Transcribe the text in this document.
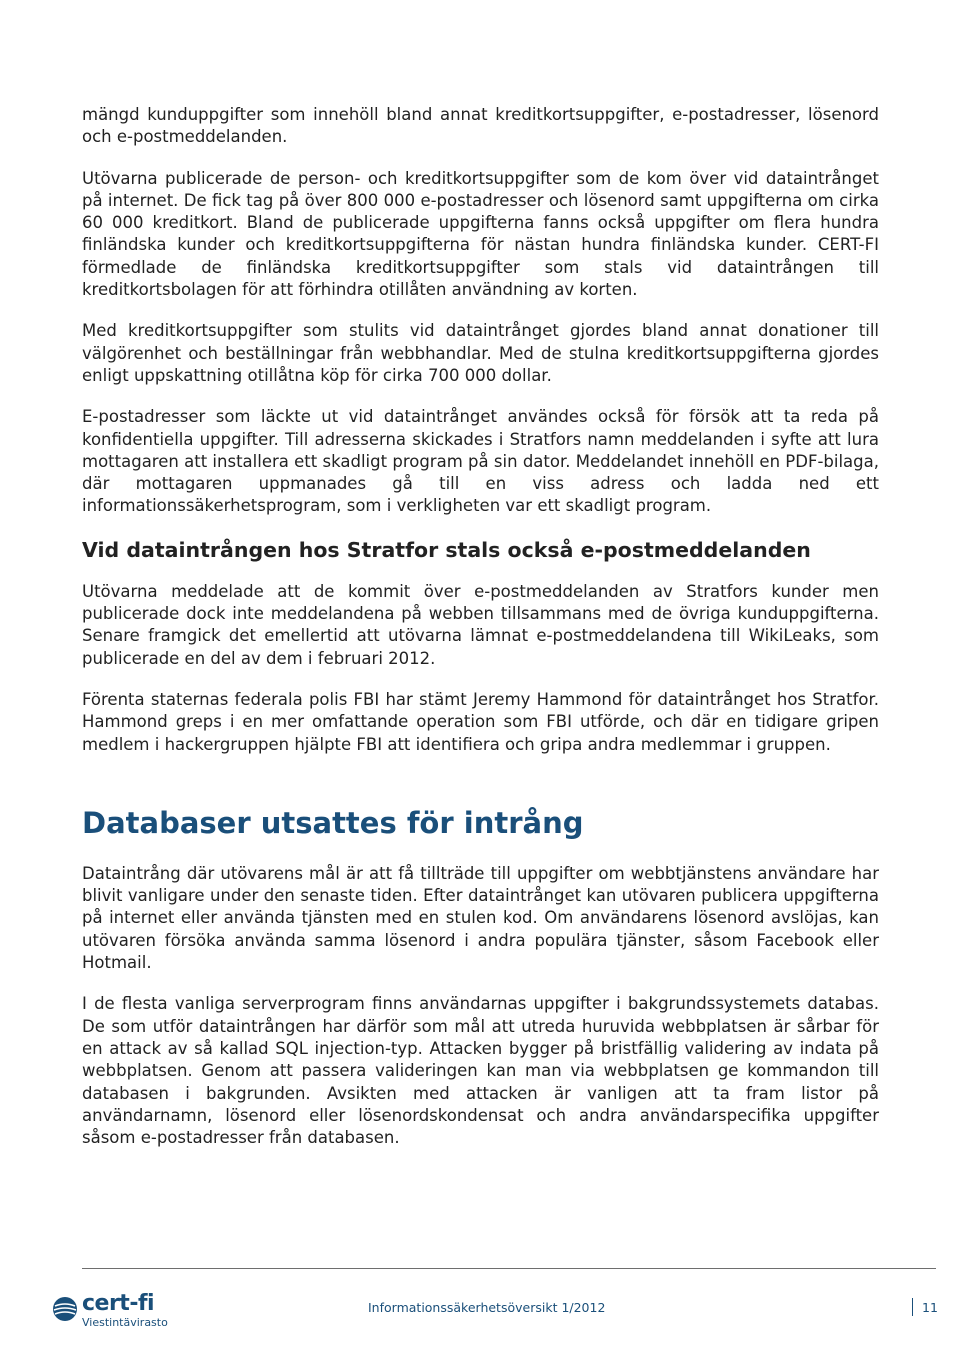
mängd kunduppgifter som innehöll bland annat kreditkortsuppgifter, e-postadresser, lösenord och e-postmeddelanden.

Utövarna publicerade de person- och kreditkortsuppgifter som de kom över vid dataintrånget på internet. De fick tag på över 800 000 e-postadresser och lösenord samt uppgifterna om cirka 60 000 kreditkort. Bland de publicerade uppgifterna fanns också uppgifter om flera hundra finländska kunder och kreditkortsuppgifterna för nästan hundra finländska kunder. CERT-FI förmedlade de finländska kreditkortsuppgifter som stals vid dataintrången till kreditkortsbolagen för att förhindra otillåten användning av korten.

Med kreditkortsuppgifter som stulits vid dataintrånget gjordes bland annat donationer till välgörenhet och beställningar från webbhandlar. Med de stulna kreditkortsuppgifterna gjordes enligt uppskattning otillåtna köp för cirka 700 000 dollar.

E-postadresser som läckte ut vid dataintrånget användes också för försök att ta reda på konfidentiella uppgifter. Till adresserna skickades i Stratfors namn meddelanden i syfte att lura mottagaren att installera ett skadligt program på sin dator. Meddelandet innehöll en PDF-bilaga, där mottagaren uppmanades gå till en viss adress och ladda ned ett informationssäkerhetsprogram, som i verkligheten var ett skadligt program.

Vid dataintrången hos Stratfor stals också e-postmeddelanden

Utövarna meddelade att de kommit över e-postmeddelanden av Stratfors kunder men publicerade dock inte meddelandena på webben tillsammans med de övriga kunduppgifterna. Senare framgick det emellertid att utövarna lämnat e-postmeddelandena till WikiLeaks, som publicerade en del av dem i februari 2012.

Förenta staternas federala polis FBI har stämt Jeremy Hammond för dataintrånget hos Stratfor. Hammond greps i en mer omfattande operation som FBI utförde, och där en tidigare gripen medlem i hackergruppen hjälpte FBI att identifiera och gripa andra medlemmar i gruppen.

Databaser utsattes för intrång

Dataintrång där utövarens mål är att få tillträde till uppgifter om webbtjänstens användare har blivit vanligare under den senaste tiden. Efter dataintrånget kan utövaren publicera uppgifterna på internet eller använda tjänsten med en stulen kod. Om användarens lösenord avslöjas, kan utövaren försöka använda samma lösenord i andra populära tjänster, såsom Facebook eller Hotmail.

I de flesta vanliga serverprogram finns användarnas uppgifter i bakgrundssystemets databas. De som utför dataintrången har därför som mål att utreda huruvida webbplatsen är sårbar för en attack av så kallad SQL injection-typ. Attacken bygger på bristfällig validering av indata på webbplatsen. Genom att passera valideringen kan man via webbplatsen ge kommandon till databasen i bakgrunden. Avsikten med attacken är vanligen att ta fram listor på användarnamn, lösenord eller lösenordskondensat och andra användarspecifika uppgifter såsom e-postadresser från databasen.

cert-fi
Viestintävirasto
Informationssäkerhetsöversikt 1/2012	11
